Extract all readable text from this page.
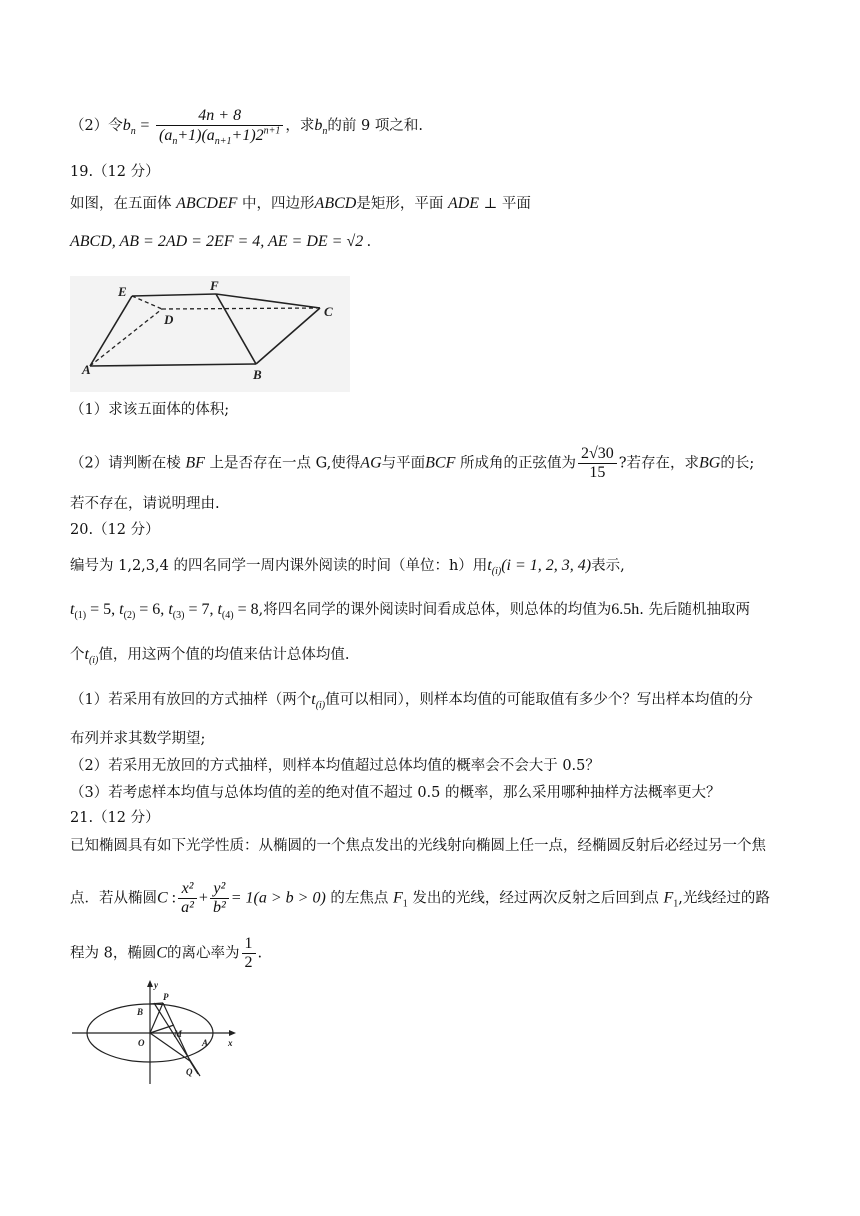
（2）令$b_n = \frac{4n + 8}{(a_n+1)(a_{n+1}+1)2^{n+1}}$ ，求$b_n$的前 9 项之和.
19.（12 分）
如图，在五面体 ABCDEF 中，四边形ABCD是矩形，平面 ADE ⊥ 平面
ABCD, AB = 2AD = 2EF = 4, AE = DE = √2 .
E	F
D
C
A	B
（1）求该五面体的体积;
（2）请判断在棱 BF 上是否存在一点 G,使得AG与平面BCF 所成角的正弦值为 $\frac{2√30}{15}$ ?若存在，求BG的长;
若不存在，请说明理由.
20.（12 分）
编号为 1,2,3,4 的四名同学一周内课外阅读的时间（单位：h）用$t_{(i)}(i = 1$, 2, 3, 4)表示,
$t_{(1)} = 5$, $t_{(2)} = 6$, $t_{(3)} = 7$, $t_{(4)} = 8$,将四名同学的课外阅读时间看成总体，则总体的均值为6.5h. 先后随机抽取两
个$t_{(i)}$值，用这两个值的均值来估计总体均值.
（1）若采用有放回的方式抽样（两个$t_{(i)}$值可以相同），则样本均值的可能取值有多少个？写出样本均值的分
布列并求其数学期望;
（2）若采用无放回的方式抽样，则样本均值超过总体均值的概率会不会大于 0.5？
（3）若考虑样本均值与总体均值的差的绝对值不超过 0.5 的概率，那么采用哪种抽样方法概率更大？
21.（12 分）
已知椭圆具有如下光学性质：从椭圆的一个焦点发出的光线射向椭圆上任一点，经椭圆反射后必经过另一个焦
点．若从椭圆C : $\frac{\text{x²}}{\text{a²}} + \frac{\text{y²}}{\text{b²}} = 1(a > b > 0)$ 的左焦点 $F_1$ 发出的光线，经过两次反射之后回到点 $F_1$,光线经过的路
程为 8，椭圆C的离心率为 $\frac{1}{2}$ .
y
x
B
P
M
O	A
Q
